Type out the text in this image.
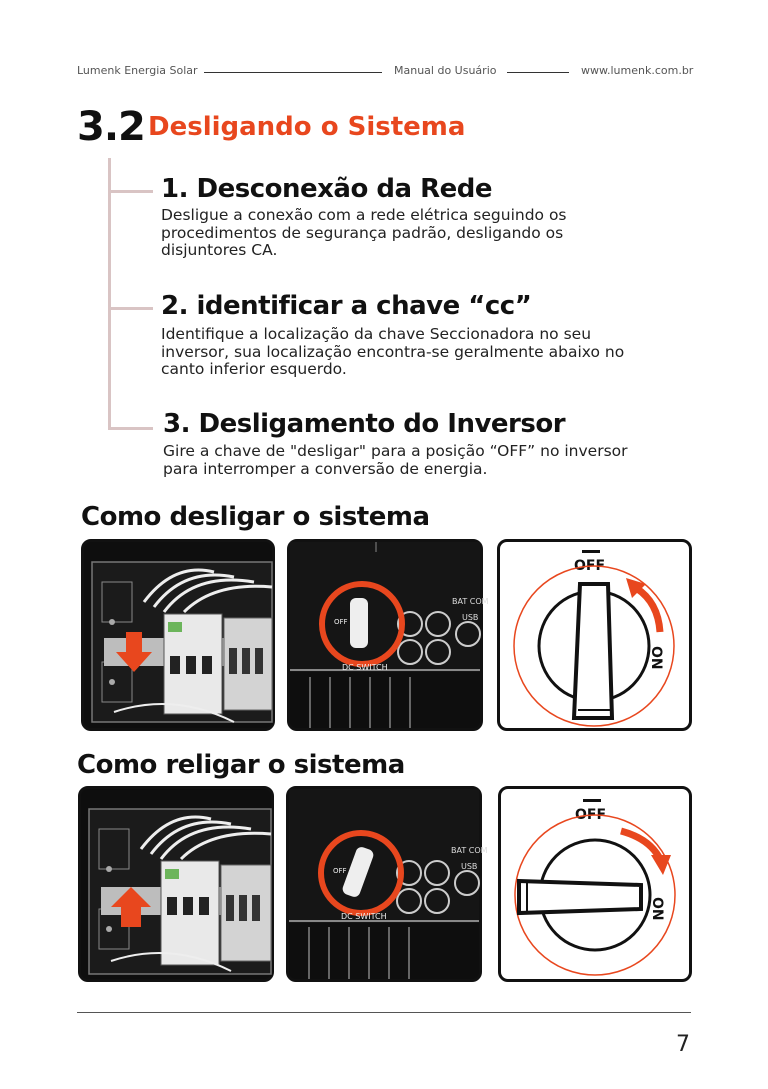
Lumenk Energia Solar	Manual do Usuário	www.lumenk.com.br
3.2 Desligando o Sistema
1. Desconexão da Rede
Desligue a conexão com a rede elétrica seguindo os
procedimentos de segurança padrão, desligando os
disjuntores CA.
2. identificar a chave “cc”
Identifique a localização da chave Seccionadora no seu
inversor, sua localização encontra-se geralmente abaixo no
canto inferior esquerdo.
3. Desligamento do Inversor
Gire a chave de "desligar" para a posição “OFF” no inversor
para interromper a conversão de energia.
Como desligar o sistema
BAT COM
USB
OFF
DC SWITCH
OFF
ON
Como religar o sistema
BAT COM
USB
OFF
DC SWITCH
OFF
ON
7
